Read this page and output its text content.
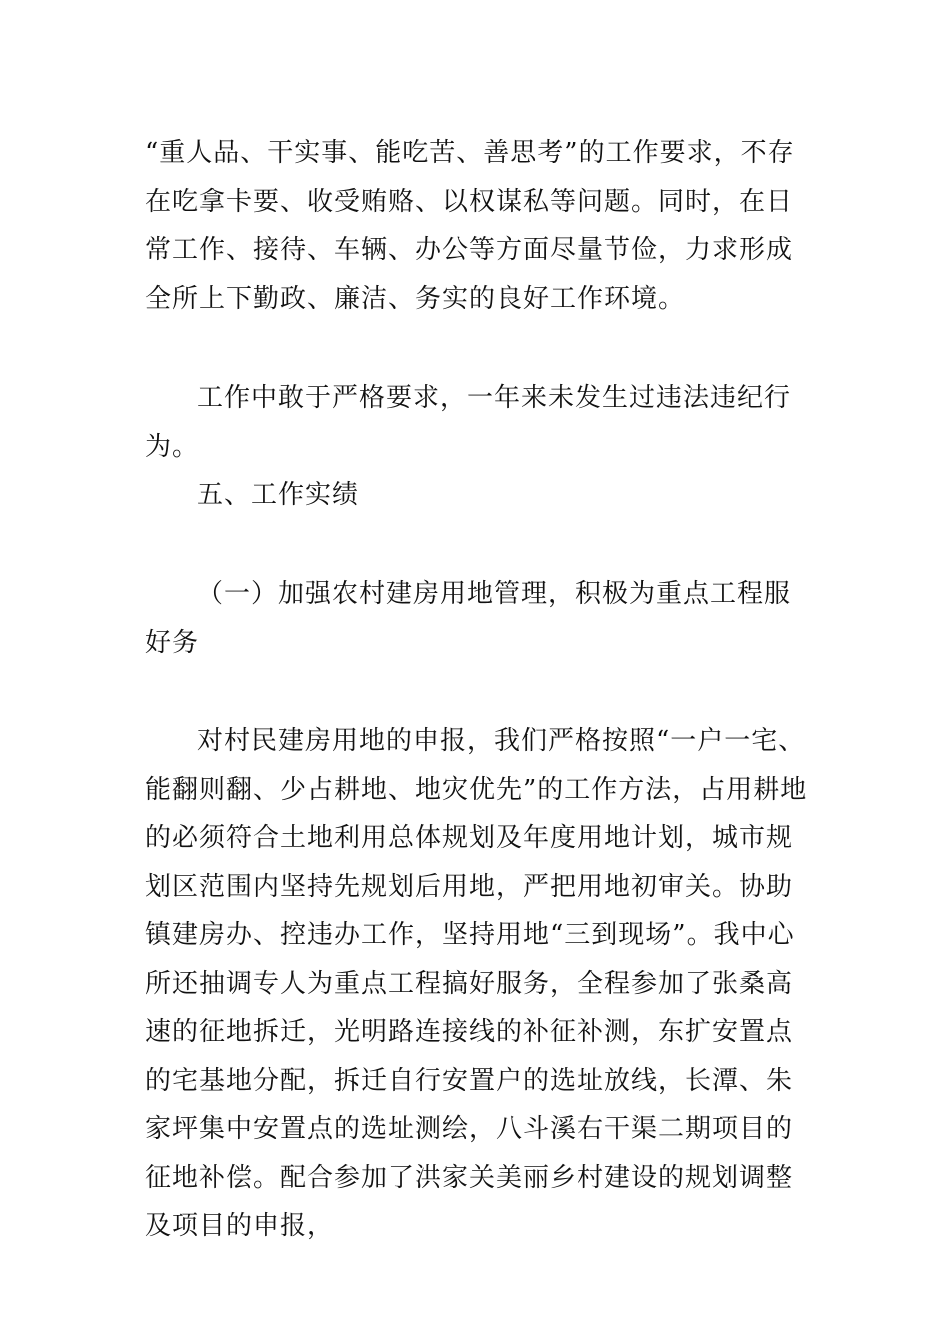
“重人品、干实事、能吃苦、善思考”的工作要求，不存在吃拿卡要、收受贿赂、以权谋私等问题。同时，在日常工作、接待、车辆、办公等方面尽量节俭，力求形成全所上下勤政、廉洁、务实的良好工作环境。

工作中敢于严格要求，一年来未发生过违法违纪行为。

五、工作实绩

（一）加强农村建房用地管理，积极为重点工程服好务

对村民建房用地的申报，我们严格按照“一户一宅、能翻则翻、少占耕地、地灾优先”的工作方法，占用耕地的必须符合土地利用总体规划及年度用地计划，城市规划区范围内坚持先规划后用地，严把用地初审关。协助镇建房办、控违办工作，坚持用地“三到现场”。我中心所还抽调专人为重点工程搞好服务，全程参加了张桑高速的征地拆迁，光明路连接线的补征补测，东扩安置点的宅基地分配，拆迁自行安置户的选址放线，长潭、朱家坪集中安置点的选址测绘，八斗溪右干渠二期项目的征地补偿。配合参加了洪家关美丽乡村建设的规划调整及项目的申报，
